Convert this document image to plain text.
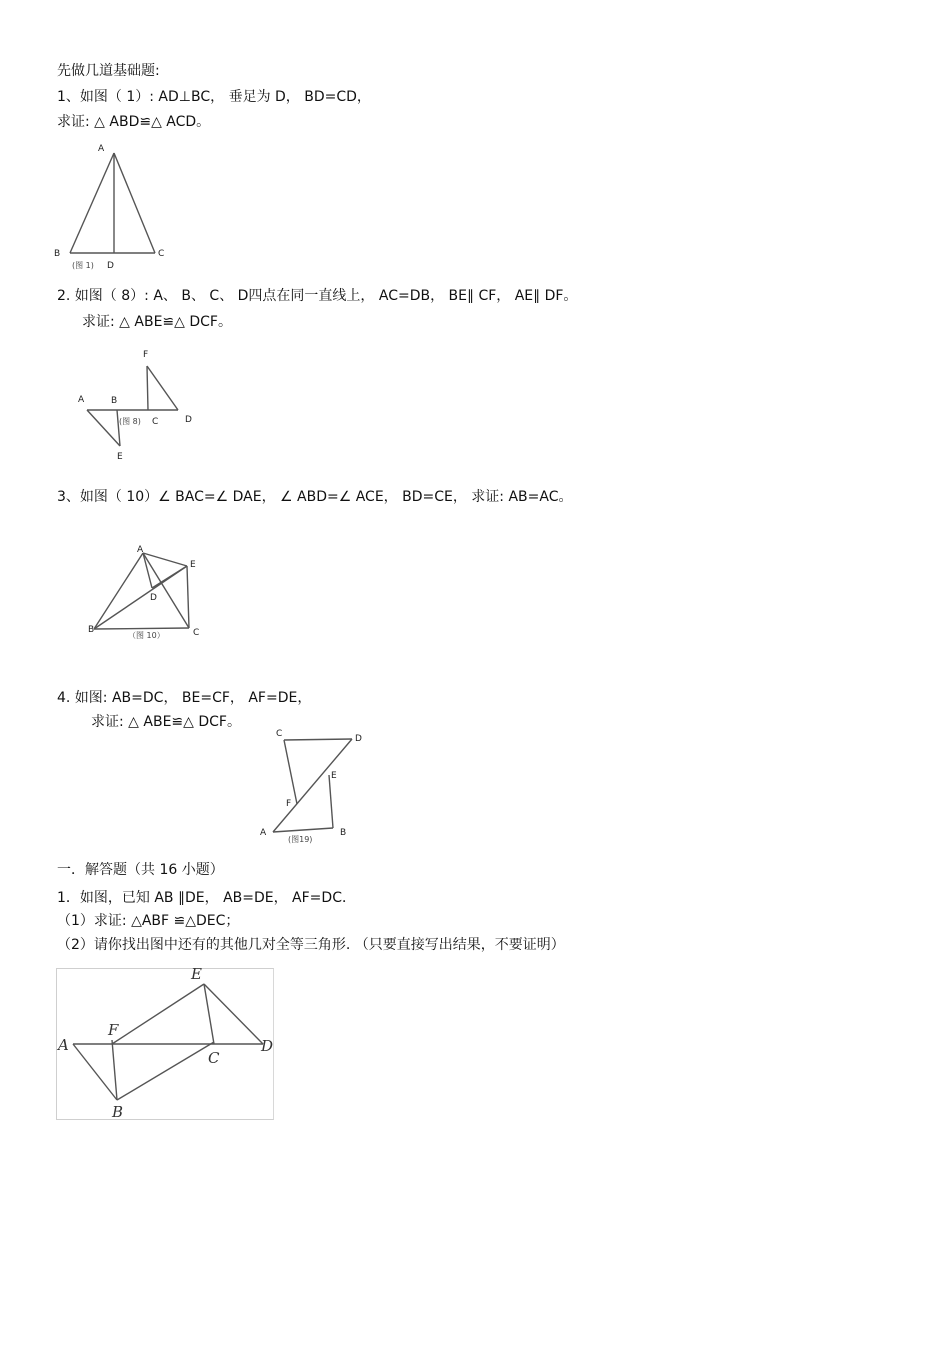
先做几道基础题:
1、如图（ 1）: AD⊥BC， 垂足为 D， BD=CD，
求证: △ ABD≌△ ACD。
A
B	C
D
(图 1)
2. 如图（ 8）: A、 B、 C、 D四点在同一直线上， AC=DB， BE∥ CF， AE∥ DF。
求证: △ ABE≌△ DCF。
F
A	B
D
(图 8) C
E
3、如图（ 10）∠ BAC=∠ DAE， ∠ ABD=∠ ACE， BD=CE， 求证: AB=AC。
A
E
D
B	C
（图 10）
4. 如图: AB=DC， BE=CF， AF=DE，
求证: △ ABE≌△ DCF。
C	D
E
F
A	B
(图19)
一．解答题（共 16 小题）
1．如图，已知 AB ∥DE， AB=DE， AF=DC．
（1）求证: △ABF ≌△DEC；
（2）请你找出图中还有的其他几对全等三角形. （只要直接写出结果，不要证明）
E
F
A
C
D
B
